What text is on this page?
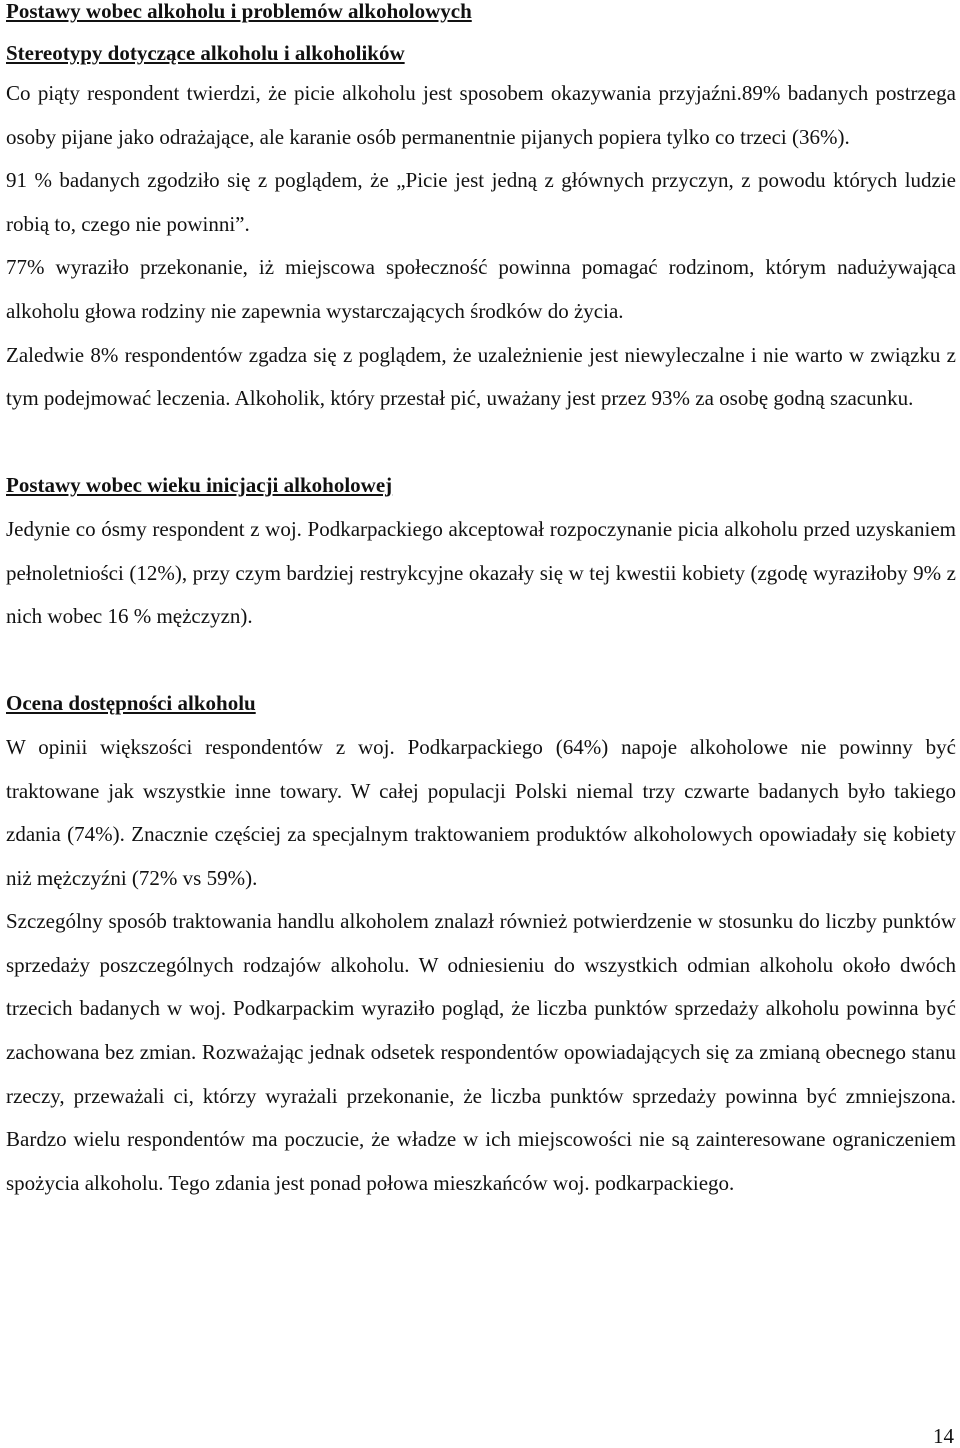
Postawy wobec alkoholu i problemów alkoholowych
Stereotypy dotyczące alkoholu i alkoholików

Co piąty respondent twierdzi, że picie alkoholu jest sposobem okazywania przyjaźni.89% badanych postrzega osoby pijane jako odrażające, ale karanie osób permanentnie pijanych popiera tylko co trzeci (36%).

91 % badanych zgodziło się z poglądem, że „Picie jest jedną z głównych przyczyn, z powodu których ludzie robią to, czego nie powinni”.

77% wyraziło przekonanie, iż miejscowa społeczność powinna pomagać rodzinom, którym nadużywająca alkoholu głowa rodziny nie zapewnia wystarczających środków do życia.

Zaledwie 8% respondentów zgadza się z poglądem, że uzależnienie jest niewyleczalne i nie warto w związku z tym podejmować leczenia. Alkoholik, który przestał pić, uważany jest przez 93% za osobę godną szacunku.

Postawy wobec wieku inicjacji alkoholowej

Jedynie co ósmy respondent z woj. Podkarpackiego akceptował rozpoczynanie picia alkoholu przed uzyskaniem pełnoletniości (12%), przy czym bardziej restrykcyjne okazały się w tej kwestii kobiety (zgodę wyraziłoby 9% z nich wobec 16 % mężczyzn).

Ocena dostępności alkoholu

W opinii większości respondentów z woj. Podkarpackiego (64%) napoje alkoholowe nie powinny być traktowane jak wszystkie inne towary. W całej populacji Polski niemal trzy czwarte badanych było takiego zdania (74%). Znacznie częściej za specjalnym traktowaniem produktów alkoholowych opowiadały się kobiety niż mężczyźni (72% vs 59%).

Szczególny sposób traktowania handlu alkoholem znalazł również potwierdzenie w stosunku do liczby punktów sprzedaży poszczególnych rodzajów alkoholu. W odniesieniu do wszystkich odmian alkoholu około dwóch trzecich badanych w woj. Podkarpackim wyraziło pogląd, że liczba punktów sprzedaży alkoholu powinna być zachowana bez zmian. Rozważając jednak odsetek respondentów opowiadających się za zmianą obecnego stanu rzeczy, przeważali ci, którzy wyrażali przekonanie, że liczba punktów sprzedaży powinna być zmniejszona. Bardzo wielu respondentów ma poczucie, że władze w ich miejscowości nie są zainteresowane ograniczeniem spożycia alkoholu. Tego zdania jest ponad połowa mieszkańców woj. podkarpackiego.

14
